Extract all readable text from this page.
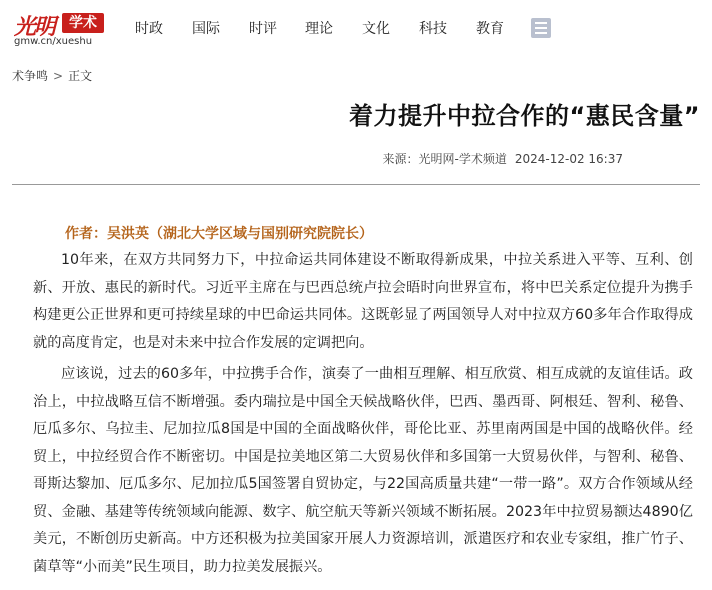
光明	学术
gmw.cn/xueshu
时政 国际 时评 理论 文化 科技 教育
术争鸣 > 正文
着力提升中拉合作的“惠民含量”
来源：光明网-学术频道 2024-12-02 16:37
作者：吴洪英（湖北大学区域与国别研究院院长）

10年来，在双方共同努力下，中拉命运共同体建设不断取得新成果，中拉关系进入平等、互利、创新、开放、惠民的新时代。习近平主席在与巴西总统卢拉会晤时向世界宣布，将中巴关系定位提升为携手构建更公正世界和更可持续星球的中巴命运共同体。这既彰显了两国领导人对中拉双方60多年合作取得成就的高度肯定，也是对未来中拉合作发展的定调把向。

应该说，过去的60多年，中拉携手合作，演奏了一曲相互理解、相互欣赏、相互成就的友谊佳话。政治上，中拉战略互信不断增强。委内瑞拉是中国全天候战略伙伴，巴西、墨西哥、阿根廷、智利、秘鲁、厄瓜多尔、乌拉圭、尼加拉瓜8国是中国的全面战略伙伴，哥伦比亚、苏里南两国是中国的战略伙伴。经贸上，中拉经贸合作不断密切。中国是拉美地区第二大贸易伙伴和多国第一大贸易伙伴，与智利、秘鲁、哥斯达黎加、厄瓜多尔、尼加拉瓜5国签署自贸协定，与22国高质量共建“一带一路”。双方合作领域从经贸、金融、基建等传统领域向能源、数字、航空航天等新兴领域不断拓展。2023年中拉贸易额达4890亿美元，不断创历史新高。中方还积极为拉美国家开展人力资源培训，派遣医疗和农业专家组，推广竹子、菌草等“小而美”民生项目，助力拉美发展振兴。
